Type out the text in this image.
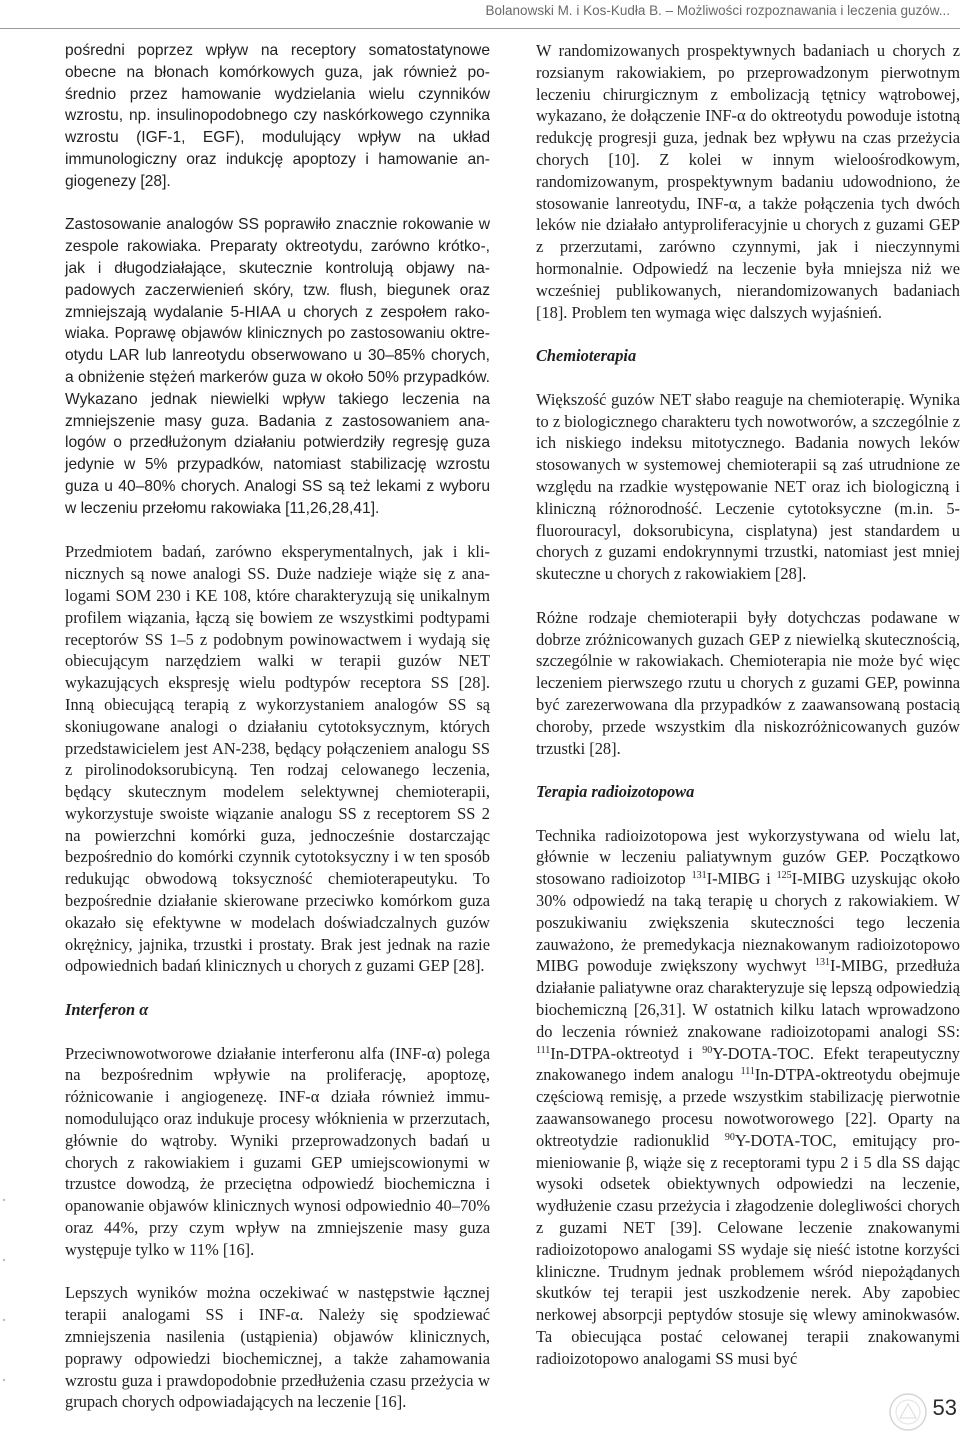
Bolanowski M. i Kos-Kudła B. – Możliwości rozpoznawania i leczenia guzów...

pośredni poprzez wpływ na receptory somatostatynowe obecne na błonach komórkowych guza, jak również pośrednio przez hamowanie wydzielania wielu czynników wzrostu, np. insulinopodobnego czy naskórkowego czynnika wzrostu (IGF-1, EGF), modulujący wpływ na układ immunologiczny oraz indukcję apoptozy i hamowanie angiogenezy [28].

Zastosowanie analogów SS poprawiło znacznie rokowanie w zespole rakowiaka. Preparaty oktreotydu, zarówno krótko-, jak i długodziałające, skutecznie kontrolują objawy napadowych zaczerwienień skóry, tzw. flush, biegunek oraz zmniejszają wydalanie 5-HIAA u chorych z zespołem rakowiaka. Poprawę objawów klinicznych po zastosowaniu oktreotydu LAR lub lanreotydu obserwowano u 30–85% chorych, a obniżenie stężeń markerów guza w około 50% przypadków. Wykazano jednak niewielki wpływ takiego leczenia na zmniejszenie masy guza. Badania z zastosowaniem analogów o przedłużonym działaniu potwierdziły regresję guza jedynie w 5% przypadków, natomiast stabilizację wzrostu guza u 40–80% chorych. Analogi SS są też lekami z wyboru w leczeniu przełomu rakowiaka [11,26,28,41].

Przedmiotem badań, zarówno eksperymentalnych, jak i klinicznych są nowe analogi SS. Duże nadzieje wiąże się z analogami SOM 230 i KE 108, które charakteryzują się unikalnym profilem wiązania, łączą się bowiem ze wszystkimi podtypami receptorów SS 1–5 z podobnym powinowactwem i wydają się obiecującym narzędziem walki w terapii guzów NET wykazujących ekspresję wielu podtypów receptora SS [28]. Inną obiecującą terapią z wykorzystaniem analogów SS są skoniugowane analogi o działaniu cytotoksycznym, których przedstawicielem jest AN-238, będący połączeniem analogu SS z pirolinodoksorubicyną. Ten rodzaj celowanego leczenia, będący skutecznym modelem selektywnej chemioterapii, wykorzystuje swoiste wiązanie analogu SS z receptorem SS 2 na powierzchni komórki guza, jednocześnie dostarczając bezpośrednio do komórki czynnik cytotoksyczny i w ten sposób redukując obwodową toksyczność chemioterapeutyku. To bezpośrednie działanie skierowane przeciwko komórkom guza okazało się efektywne w modelach doświadczalnych guzów okrężnicy, jajnika, trzustki i prostaty. Brak jest jednak na razie odpowiednich badań klinicznych u chorych z guzami GEP [28].

Interferon α

Przeciwnowotworowe działanie interferonu alfa (INF-α) polega na bezpośrednim wpływie na proliferację, apoptozę, różnicowanie i angiogenezę. INF-α działa również immunomodulująco oraz indukuje procesy włóknienia w przerzutach, głównie do wątroby. Wyniki przeprowadzonych badań u chorych z rakowiakiem i guzami GEP umiejscowionymi w trzustce dowodzą, że przeciętna odpowiedź biochemiczna i opanowanie objawów klinicznych wynosi odpowiednio 40–70% oraz 44%, przy czym wpływ na zmniejszenie masy guza występuje tylko w 11% [16].

Lepszych wyników można oczekiwać w następstwie łącznej terapii analogami SS i INF-α. Należy się spodziewać zmniejszenia nasilenia (ustąpienia) objawów klinicznych, poprawy odpowiedzi biochemicznej, a także zahamowania wzrostu guza i prawdopodobnie przedłużenia czasu przeżycia w grupach chorych odpowiadających na leczenie [16].

W randomizowanych prospektywnych badaniach u chorych z rozsianym rakowiakiem, po przeprowadzonym pierwotnym leczeniu chirurgicznym z embolizacją tętnicy wątrobowej, wykazano, że dołączenie INF-α do oktreotydu powoduje istotną redukcję progresji guza, jednak bez wpływu na czas przeżycia chorych [10]. Z kolei w innym wieloośrodkowym, randomizowanym, prospektywnym badaniu udowodniono, że stosowanie lanreotydu, INF-α, a także połączenia tych dwóch leków nie działało antyproliferacyjnie u chorych z guzami GEP z przerzutami, zarówno czynnymi, jak i nieczynnymi hormonalnie. Odpowiedź na leczenie była mniejsza niż we wcześniej publikowanych, nierandomizowanych badaniach [18]. Problem ten wymaga więc dalszych wyjaśnień.

Chemioterapia

Większość guzów NET słabo reaguje na chemioterapię. Wynika to z biologicznego charakteru tych nowotworów, a szczególnie z ich niskiego indeksu mitotycznego. Badania nowych leków stosowanych w systemowej chemioterapii są zaś utrudnione ze względu na rzadkie występowanie NET oraz ich biologiczną i kliniczną różnorodność. Leczenie cytotoksyczne (m.in. 5-fluorouracyl, doksorubicyna, cisplatyna) jest standardem u chorych z guzami endokrynnymi trzustki, natomiast jest mniej skuteczne u chorych z rakowiakiem [28].

Różne rodzaje chemioterapii były dotychczas podawane w dobrze zróżnicowanych guzach GEP z niewielką skutecznością, szczególnie w rakowiakach. Chemioterapia nie może być więc leczeniem pierwszego rzutu u chorych z guzami GEP, powinna być zarezerwowana dla przypadków z zaawansowaną postacią choroby, przede wszystkim dla niskozróżnicowanych guzów trzustki [28].

Terapia radioizotopowa

Technika radioizotopowa jest wykorzystywana od wielu lat, głównie w leczeniu paliatywnym guzów GEP. Początkowo stosowano radioizotop $^{131}$I-MIBG i $^{125}$I-MIBG uzyskując około 30% odpowiedź na taką terapię u chorych z rakowiakiem. W poszukiwaniu zwiększenia skuteczności tego leczenia zauważono, że premedykacja nieznakowanym radioizotopowo MIBG powoduje zwiększony wychwyt $^{131}$I-MIBG, przedłuża działanie paliatywne oraz charakteryzuje się lepszą odpowiedzią biochemiczną [26,31]. W ostatnich kilku latach wprowadzono do leczenia również znakowane radioizotopami analogi SS: $^{111}$In-DTPA-oktreotyd i $^{90}$Y-DOTA-TOC. Efekt terapeutyczny znakowanego indem analogu $^{111}$In-DTPA-oktreotydu obejmuje częściową remisję, a przede wszystkim stabilizację pierwotnie zaawansowanego procesu nowotworowego [22]. Oparty na oktreotydzie radionuklid $^{90}$Y-DOTA-TOC, emitujący promieniowanie β, wiąże się z receptorami typu 2 i 5 dla SS dając wysoki odsetek obiektywnych odpowiedzi na leczenie, wydłużenie czasu przeżycia i złagodzenie dolegliwości chorych z guzami NET [39]. Celowane leczenie znakowanymi radioizotopowo analogami SS wydaje się nieść istotne korzyści kliniczne. Trudnym jednak problemem wśród niepożądanych skutków tej terapii jest uszkodzenie nerek. Aby zapobiec nerkowej absorpcji peptydów stosuje się wlewy aminokwasów. Ta obiecująca postać celowanej terapii znakowanymi radioizotopowo analogami SS musi być

53
